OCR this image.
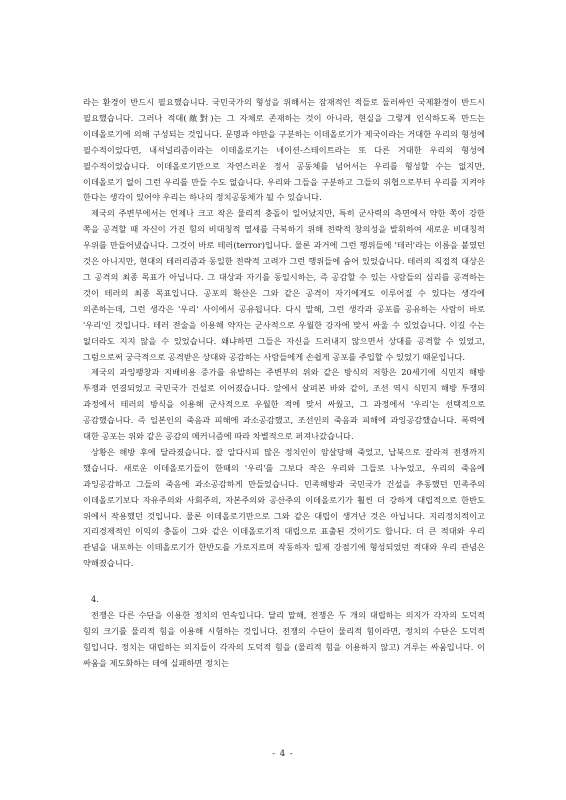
라는 환경이 반드시 필요했습니다. 국민국가의 형성을 위해서는 잠재적인 적들로 둘러싸인 국제환경이 반드시 필요했습니다. 그러나 적대(敵對)는 그 자체로 존재하는 것이 아니라, 현실을 그렇게 인식하도록 만드는 이데올로기에 의해 구성되는 것입니다. 문명과 야만을 구분하는 이데올로기가 제국이라는 거대한 우리의 형성에 필수적이었다면, 내셔널리즘이라는 이데올로기는 네이션-스테이트라는 또 다른 거대한 우리의 형성에 필수적이었습니다. 이데올로기만으로 자연스러운 정서 공동체를 넘어서는 우리를 형성할 수는 없지만, 이데올로기 없이 그런 우리를 만들 수도 없습니다. 우리와 그들을 구분하고 그들의 위협으로부터 우리를 지켜야 한다는 생각이 있어야 우리는 하나의 정치공동체가 될 수 있습니다.

제국의 주변부에서는 언제나 크고 작은 물리적 충돌이 일어났지만, 특히 군사력의 측면에서 약한 쪽이 강한 쪽을 공격할 때 자신이 가진 힘의 비대칭적 열세를 극복하기 위해 전략적 창의성을 발휘하여 새로운 비대칭적 우위를 만들어냈습니다. 그것이 바로 테러(terror)입니다. 물론 과거에 그런 행위들에 '테러'라는 이름을 붙였던 것은 아니지만, 현대의 테러리즘과 동일한 전략적 고려가 그런 행위들에 숨어 있었습니다. 테러의 직접적 대상은 그 공격의 최종 목표가 아닙니다. 그 대상과 자기를 동일시하는, 즉 공감할 수 있는 사람들의 심리를 공격하는 것이 테러의 최종 목표입니다. 공포의 확산은 그와 같은 공격이 자기에게도 이루어질 수 있다는 생각에 의존하는데, 그런 생각은 '우리' 사이에서 공유됩니다. 다시 말해, 그런 생각과 공포를 공유하는 사람이 바로 '우리'인 것입니다. 테러 전술을 이용해 약자는 군사적으로 우월한 강자에 맞서 싸울 수 있었습니다. 이길 수는 없더라도 지지 않을 수 있었습니다. 왜냐하면 그들은 자신을 드러내지 않으면서 상대를 공격할 수 있었고, 그럼으로써 궁극적으로 공격받은 상대와 공감하는 사람들에게 손쉽게 공포를 주입할 수 있었기 때문입니다.

제국의 과잉팽창과 지배비용 증가를 유발하는 주변부의 위와 같은 방식의 저항은 20세기에 식민지 해방 투쟁과 연결되었고 국민국가 건설로 이어졌습니다. 앞에서 살펴본 바와 같이, 조선 역시 식민지 해방 투쟁의 과정에서 테러의 방식을 이용해 군사적으로 우월한 적에 맞서 싸웠고, 그 과정에서 '우리'는 선택적으로 공감했습니다. 즉 일본인의 죽음과 피해에 과소공감했고, 조선인의 죽음과 피해에 과잉공감했습니다. 폭력에 대한 공포는 위와 같은 공감의 메커니즘에 따라 차별적으로 퍼져나갔습니다.

상황은 해방 후에 달라졌습니다. 잘 알다시피 많은 정치인이 암살당해 죽었고, 납북으로 갈라져 전쟁까지 했습니다. 새로운 이데올로기들이 한때의 '우리'를 그보다 작은 우리와 그들로 나누었고, 우리의 죽음에 과잉공감하고 그들의 죽음에 과소공감하게 만들었습니다. 민족해방과 국민국가 건설을 추동했던 민족주의 이데올로기보다 자유주의와 사회주의, 자본주의와 공산주의 이데올로기가 훨씬 더 강하게 대립적으로 한반도 위에서 작용했던 것입니다. 물론 이데올로기만으로 그와 같은 대립이 생겨난 것은 아닙니다. 지리정치적이고 지리경제적인 이익의 충돌이 그와 같은 이데올로기적 대립으로 표출된 것이기도 합니다. 더 큰 적대와 우리 관념을 내포하는 이데올로기가 한반도를 가로지르며 작동하자 일제 강점기에 형성되었던 적대와 우리 관념은 약해졌습니다.

4.

전쟁은 다른 수단을 이용한 정치의 연속입니다. 달리 말해, 전쟁은 두 개의 대립하는 의지가 각자의 도덕적 힘의 크기를 물리적 힘을 이용해 시험하는 것입니다. 전쟁의 수단이 물리적 힘이라면, 정치의 수단은 도덕적 힘입니다. 정치는 대립하는 의지들이 각자의 도덕적 힘을 (물리적 힘을 이용하지 않고) 겨루는 싸움입니다. 이 싸움을 제도화하는 데에 실패하면 정치는

- 4 -
